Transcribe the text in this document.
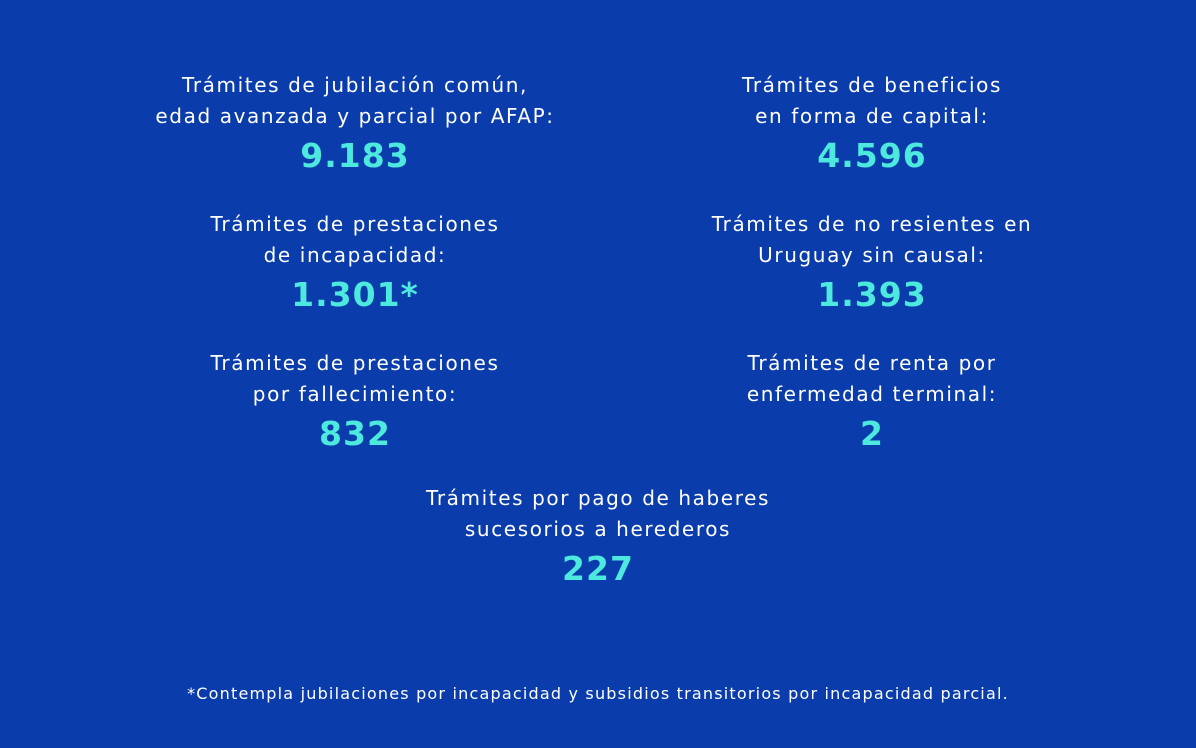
Trámites de jubilación común,
edad avanzada y parcial por AFAP:
9.183
Trámites de beneficios
en forma de capital:
4.596
Trámites de prestaciones
de incapacidad:
1.301*
Trámites de no resientes en
Uruguay sin causal:
1.393
Trámites de prestaciones
por fallecimiento:
832
Trámites de renta por
enfermedad terminal:
2
Trámites por pago de haberes
sucesorios a herederos
227
*Contempla jubilaciones por incapacidad y subsidios transitorios por incapacidad parcial.
